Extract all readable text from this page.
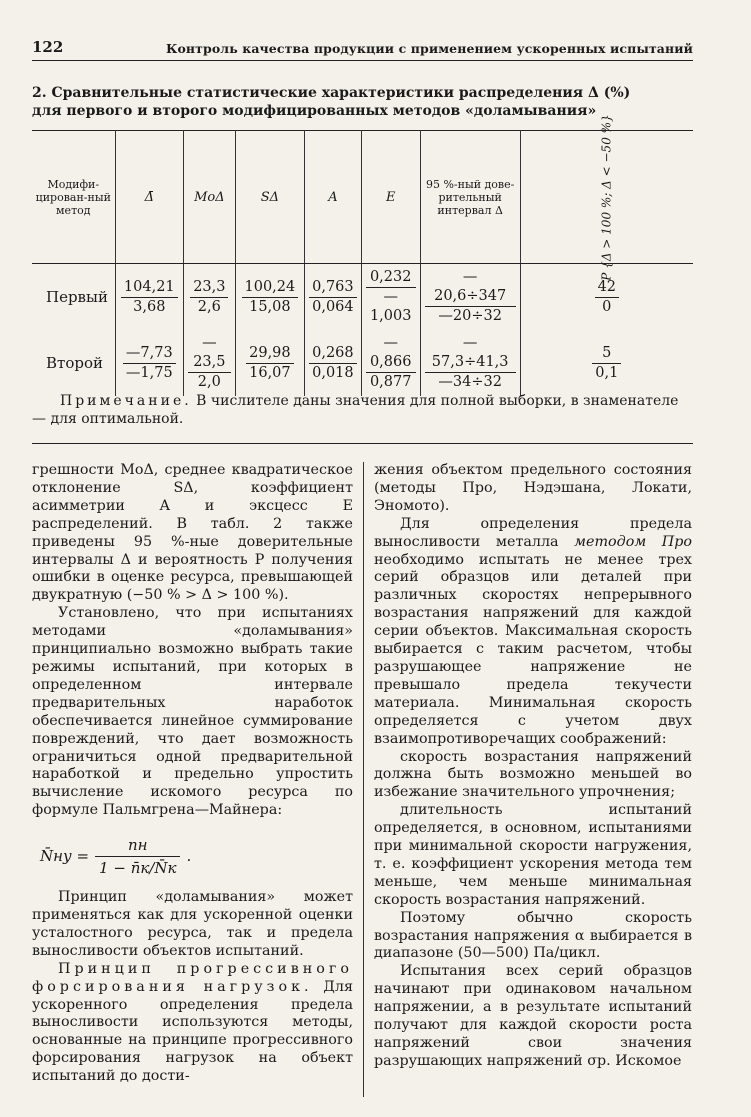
122	Контроль качества продукции с применением ускоренных испытаний
2. Сравнительные статистические характеристики распределения Δ (%)
для первого и второго модифицированных методов «доламывания»
Модифи-цирован-ный метод	Δ̄	MoΔ	SΔ	A	E	95 %-ный дове-рительный интервал Δ	P {Δ > 100 %; Δ < −50 %}
Первый	$\frac{104,21}{3,68}$	$\frac{23,3}{2,6}$	$\frac{100,24}{15,08}$	$\frac{0,763}{0,064}$	$\frac{0,232}{—1,003}$	$\frac{—20,6\div 347}{—20\div 32}$	$\frac{42}{0}$

Второй	$\frac{—7,73}{—1,75}$	$\frac{—23,5}{2,0}$	$\frac{29,98}{16,07}$	$\frac{0,268}{0,018}$	$\frac{—0,866}{0,877}$	$\frac{—57,3\div 41,3}{—34\div 32}$	$\frac{5}{0,1}$
Примечание. В числителе даны значения для полной выборки, в знаменателе — для оптимальной.

грешности MoΔ, среднее квадратическое отклонение SΔ, коэффициент асимметрии A и эксцесс E распределений. В табл. 2 также приведены 95 %-ные доверительные интервалы Δ и вероятность P получения ошибки в оценке ресурса, превышающей двукратную (−50 % > Δ > 100 %).

Установлено, что при испытаниях методами «доламывания» принципиально возможно выбрать такие режимы испытаний, при которых в определенном интервале предварительных наработок обеспечивается линейное суммирование повреждений, что дает возможность ограничиться одной предварительной наработкой и предельно упростить вычисление искомого ресурса по формуле Пальмгрена—Майнера:

N̄ну =
nн
1 − n̄к/N̄к
.

Принцип «доламывания» может применяться как для ускоренной оценки усталостного ресурса, так и предела выносливости объектов испытаний.

Принцип прогрессивного форсирования нагрузок. Для ускоренного определения предела выносливости используются методы, основанные на принципе прогрессивного форсирования нагрузок на объект испытаний до дости-

жения объектом предельного состояния (методы Про, Нэдэшана, Локати, Эномото).

Для определения предела выносливости металла методом Про необходимо испытать не менее трех серий образцов или деталей при различных скоростях непрерывного возрастания напряжений для каждой серии объектов. Максимальная скорость выбирается с таким расчетом, чтобы разрушающее напряжение не превышало предела текучести материала. Минимальная скорость определяется с учетом двух взаимопротиворечащих соображений:

скорость возрастания напряжений должна быть возможно меньшей во избежание значительного упрочнения;

длительность испытаний определяется, в основном, испытаниями при минимальной скорости нагружения, т. е. коэффициент ускорения метода тем меньше, чем меньше минимальная скорость возрастания напряжений.

Поэтому обычно скорость возрастания напряжения α выбирается в диапазоне (50—500) Па/цикл.

Испытания всех серий образцов начинают при одинаковом начальном напряжении, а в результате испытаний получают для каждой скорости роста напряжений свои значения разрушающих напряжений σр. Искомое
